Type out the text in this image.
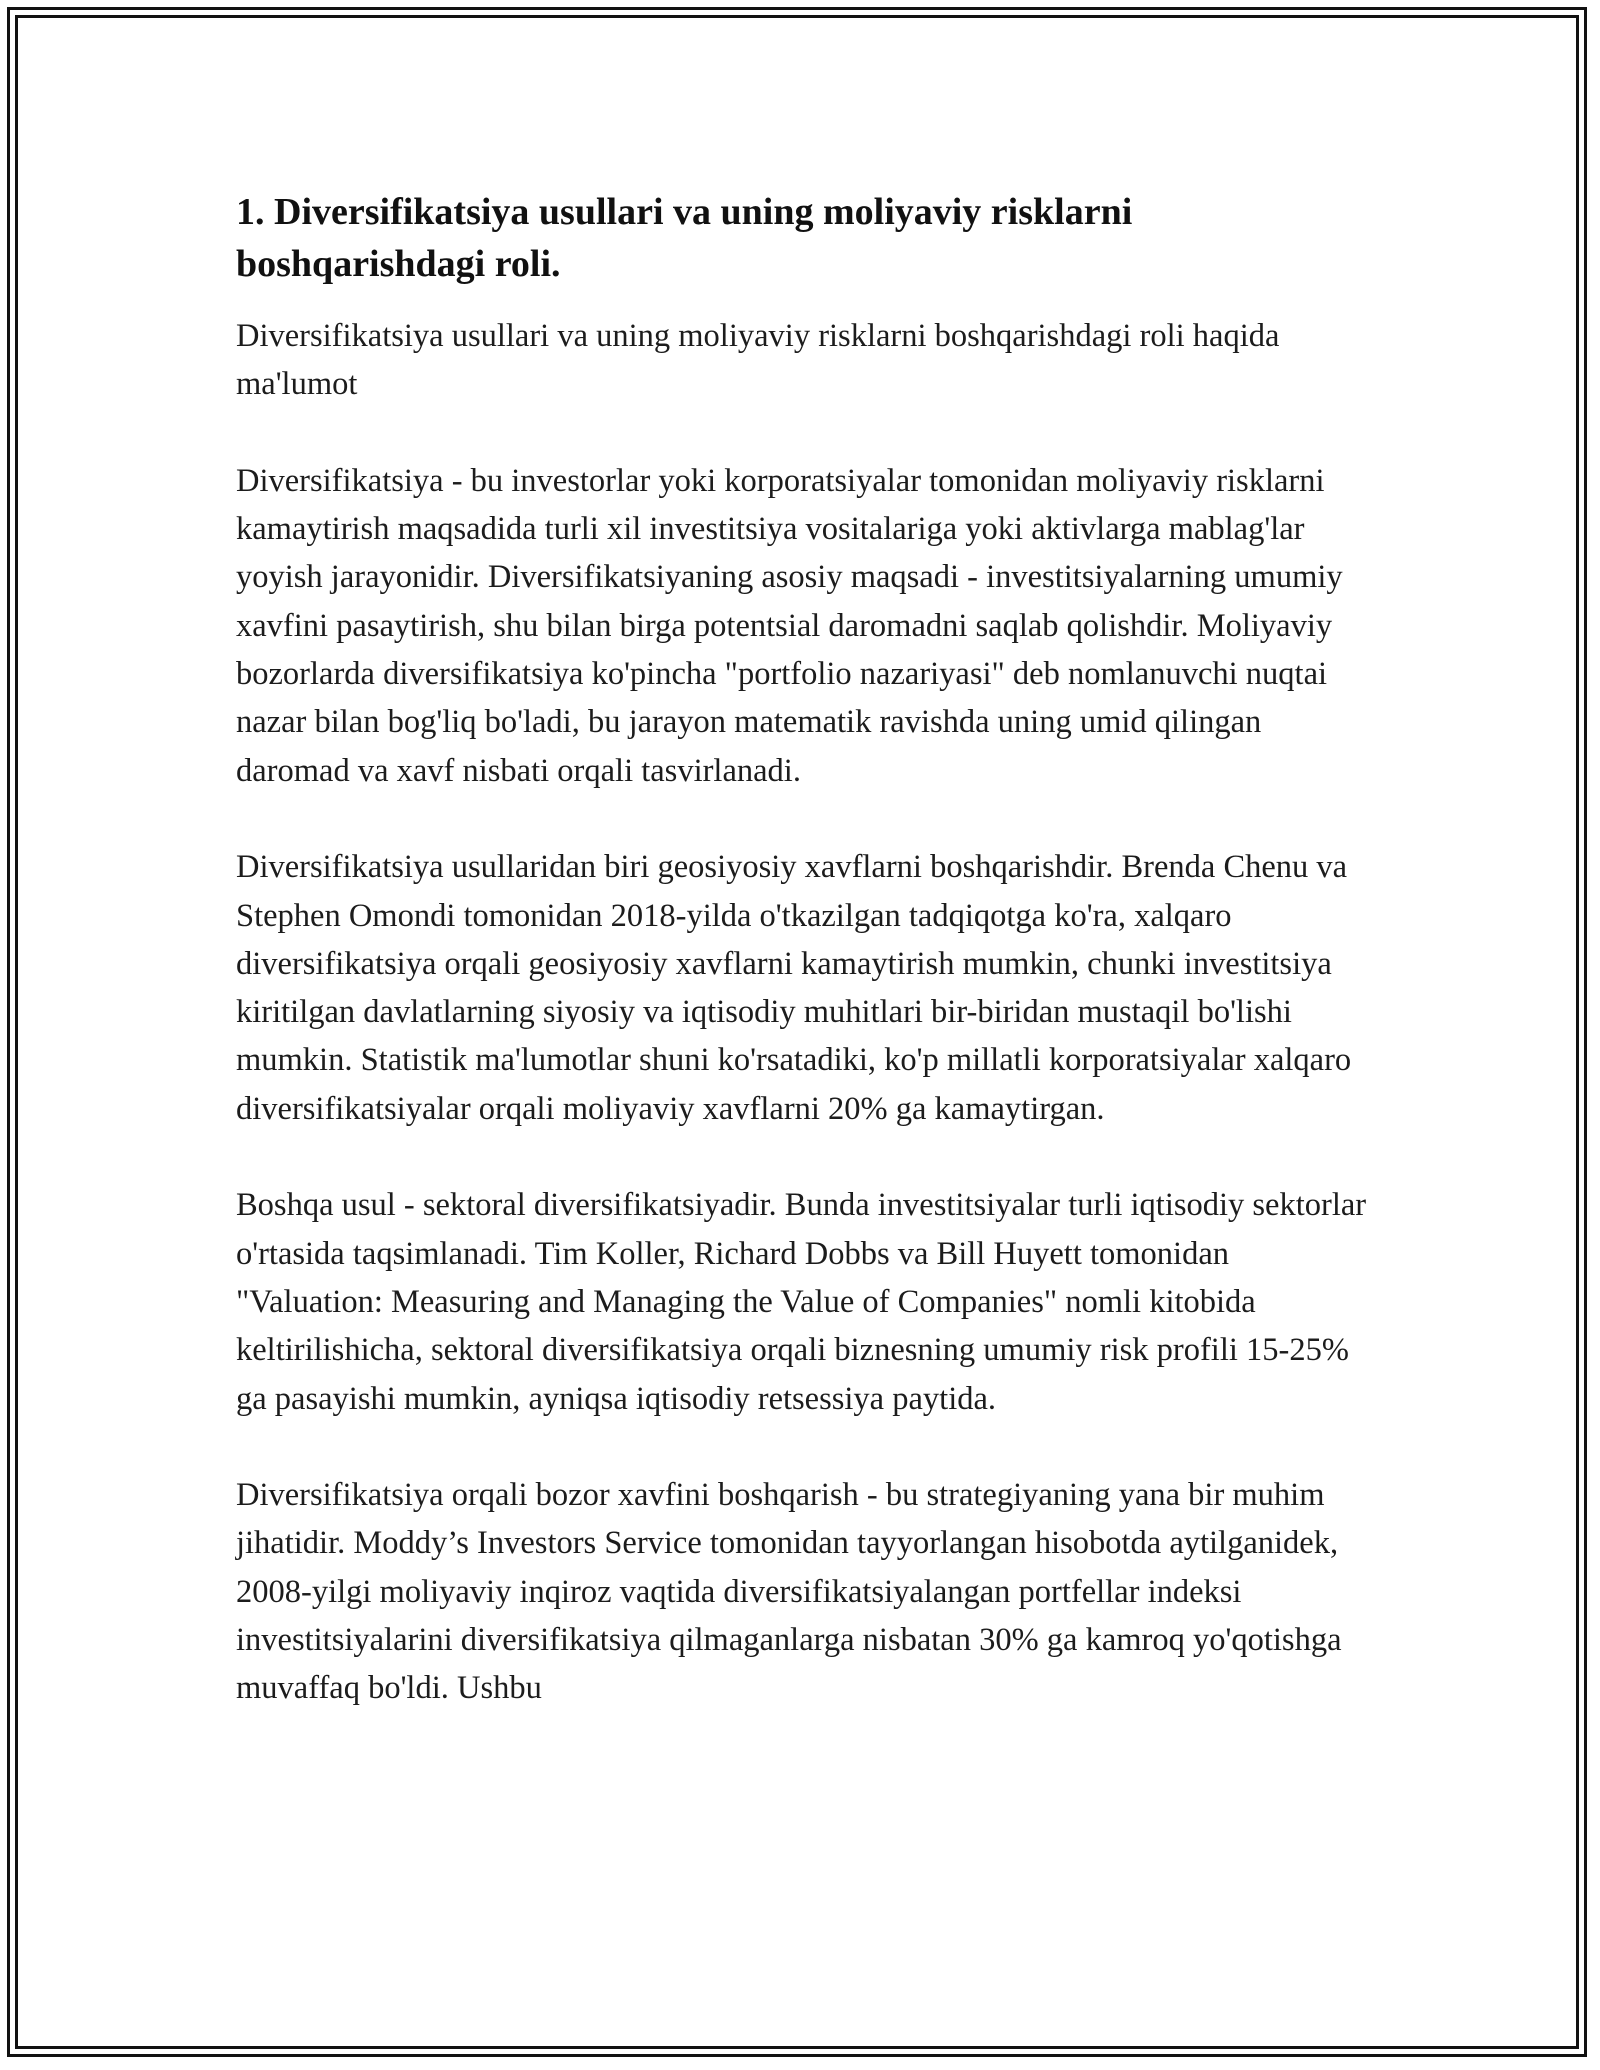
1. Diversifikatsiya usullari va uning moliyaviy risklarni boshqarishdagi roli.

Diversifikatsiya usullari va uning moliyaviy risklarni boshqarishdagi roli haqida ma'lumot

Diversifikatsiya - bu investorlar yoki korporatsiyalar tomonidan moliyaviy risklarni kamaytirish maqsadida turli xil investitsiya vositalariga yoki aktivlarga mablag'lar yoyish jarayonidir. Diversifikatsiyaning asosiy maqsadi - investitsiyalarning umumiy xavfini pasaytirish, shu bilan birga potentsial daromadni saqlab qolishdir. Moliyaviy bozorlarda diversifikatsiya ko'pincha "portfolio nazariyasi" deb nomlanuvchi nuqtai nazar bilan bog'liq bo'ladi, bu jarayon matematik ravishda uning umid qilingan daromad va xavf nisbati orqali tasvirlanadi.

Diversifikatsiya usullaridan biri geosiyosiy xavflarni boshqarishdir. Brenda Chenu va Stephen Omondi tomonidan 2018-yilda o'tkazilgan tadqiqotga ko'ra, xalqaro diversifikatsiya orqali geosiyosiy xavflarni kamaytirish mumkin, chunki investitsiya kiritilgan davlatlarning siyosiy va iqtisodiy muhitlari bir-biridan mustaqil bo'lishi mumkin. Statistik ma'lumotlar shuni ko'rsatadiki, ko'p millatli korporatsiyalar xalqaro diversifikatsiyalar orqali moliyaviy xavflarni 20% ga kamaytirgan.

Boshqa usul - sektoral diversifikatsiyadir. Bunda investitsiyalar turli iqtisodiy sektorlar o'rtasida taqsimlanadi. Tim Koller, Richard Dobbs va Bill Huyett tomonidan "Valuation: Measuring and Managing the Value of Companies" nomli kitobida keltirilishicha, sektoral diversifikatsiya orqali biznesning umumiy risk profili 15-25% ga pasayishi mumkin, ayniqsa iqtisodiy retsessiya paytida.

Diversifikatsiya orqali bozor xavfini boshqarish - bu strategiyaning yana bir muhim jihatidir. Moddy’s Investors Service tomonidan tayyorlangan hisobotda aytilganidek, 2008-yilgi moliyaviy inqiroz vaqtida diversifikatsiyalangan portfellar indeksi investitsiyalarini diversifikatsiya qilmaganlarga nisbatan 30% ga kamroq yo'qotishga muvaffaq bo'ldi. Ushbu
